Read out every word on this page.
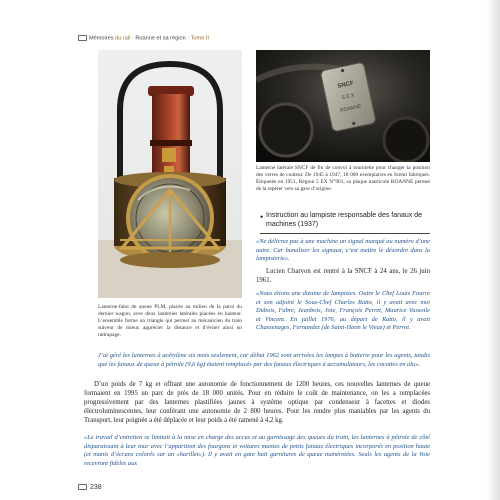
Mémoires du rail · Roanne et sa région · Tome II
Lanterne-falot de queue PLM, placée au milieu de la paroi du dernier wagon, avec deux lanternes latérales placées en hauteur. L’ensemble forme un triangle qui permet au mécanicien du train suiveur de mieux apprécier la distance et d’éviter ainsi un rattrapage.
SNCF
S E X
ROANNE
Lanterne latérale SNCF de fin de convoi à tourniette pour changer la position des verres de couleur. De 1945 à 1947, 18 000 exemplaires en furent fabriqués. Étiquetée en 1951, Région 5 EX N°901, sa plaque matricule ROANNE permet de la repérer vers sa gare d’origine.
• Instruction au lampiste responsable des fanaux de machines (1937)
«Ne délivrez pas à une machine un signal marqué au numéro d’une autre. Car banaliser les signaux, c’est mettre le désordre dans la lampisterie».
Lucien Charvon est rentré à la SNCF à 24 ans, le 26 juin 1961.
«Nous étions une dizaine de lampistes. Outre le Chef Louis Fourre et son adjoint le Sous-Chef Charles Ratto, il y avait avec moi Dubois, Fabre, Jeanbois, Joie, François Perret, Maurice Vassoile et Vincent. En juillet 1976, au départ de Ratto, il y avait Chassenages, Fernandez (de Saint-Haon le Vieux) et Perrot.
J’ai géré les lanternes à acétylène six mois seulement, car dèbut 1962 sont arrivées les lampes à batterie pour les agents, tandis que les fanaux de queue à pétrole (9,6 kg) étaient remplacés par des fanaux électriques à accumulateurs, les cocottes en alu».
D’un poids de 7 kg et offrant une autonomie de fonctionnement de 1200 heures, ces nouvelles lanternes de queue formaient en 1995 un parc de près de 18 000 unités. Pour en réduire le coût de maintenance, on les a remplacées progressivement par des lanternes plastifiées jaunes à système optique par condenseur à facettes et diodes électroluminescentes, leur conférant une autonomie de 2 800 heures. Pour les rendre plus maniables par les agents du Transport, leur poignée a été déplacée et leur poids a été ramené à 4,2 kg.
«Le travail d’entretien se limitait à la mise en charge des accus et au garnissage des queues du train, les lanternes à pétrole de côté disparaissant à leur tour avec l’apparition des fourgons et voitures munies de petits fanaux électriques incorporés en position haute (et munis d’écrans colorés sur un «barillet»). Il y avait en gare huit garnitures de queue numérotées. Seuls les agents de la Voie recevront fidèles aux
238
